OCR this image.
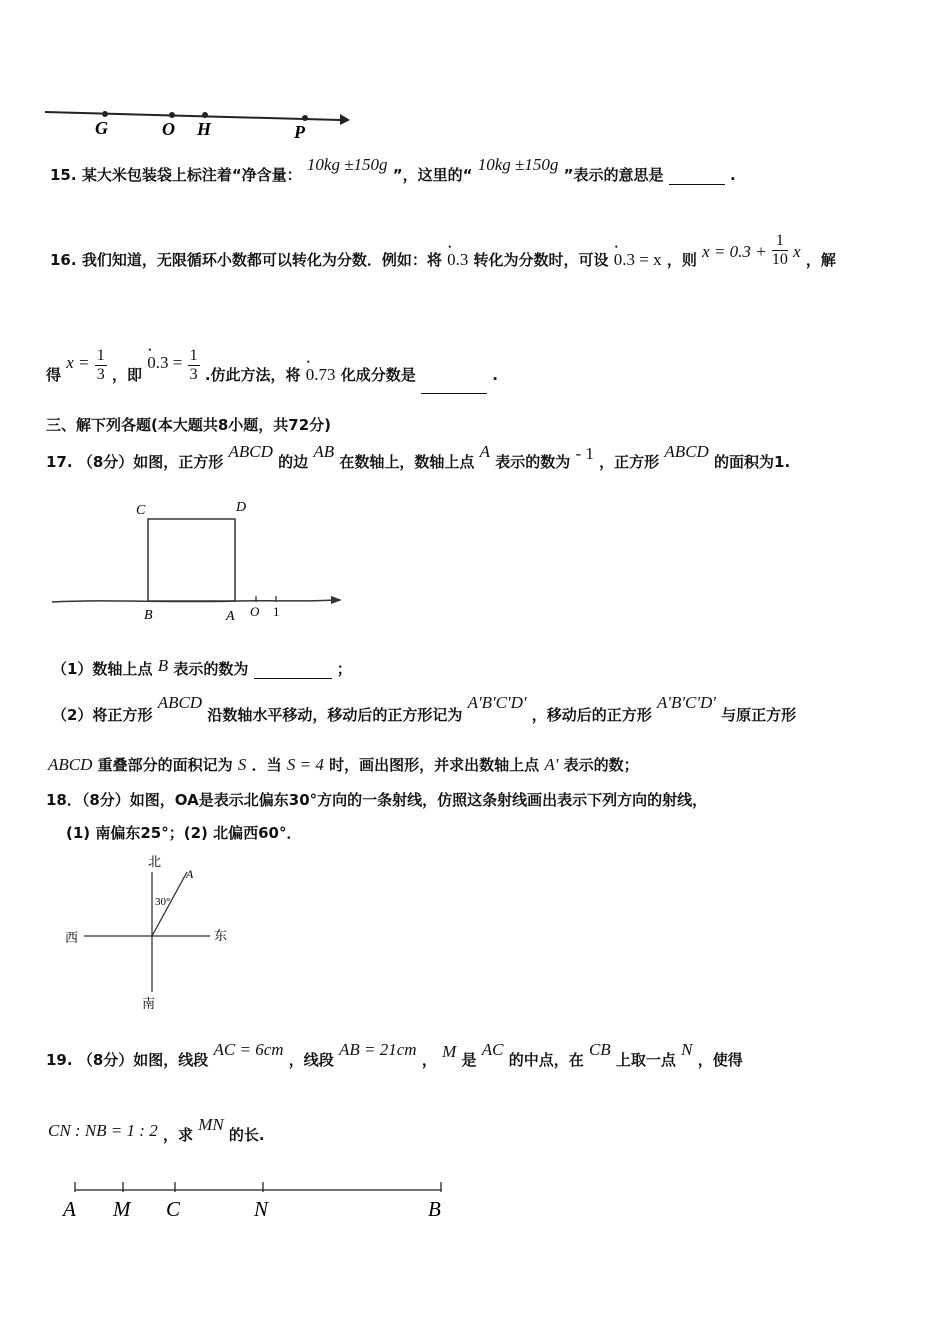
G	O H	P
15. 某大米包装袋上标注着“净含量： 10kg ±150g ”，这里的“ 10kg ±150g ”表示的意思是	.
16. 我们知道，无限循环小数都可以转化为分数．例如：将 • 0.3 转化为分数时，可设 • 0.3 = x ，则 $x = 0.3 + \frac{1}{10}$ x ，解
得 $x = \frac{1}{3}$ ，即 • $0.3 = \frac{1}{3}$ .仿此方法，将 • 0.73 化成分数是	.
三、解下列各题(本大题共8小题，共72分)
17. （8分）如图，正方形 ABCD 的边 AB 在数轴上，数轴上点 A 表示的数为 - 1 ，正方形 ABCD 的面积为1.
C	D
B	A O 1
（1）数轴上点 B 表示的数为	；
（2）将正方形 ABCD 沿数轴水平移动，移动后的正方形记为 A'B'C'D' ，移动后的正方形 A'B'C'D' 与原正方形
ABCD 重叠部分的面积记为 S ．当 S = 4 时，画出图形，并求出数轴上点 A' 表示的数；
18．（8分）如图，OA是表示北偏东30°方向的一条射线，仿照这条射线画出表示下列方向的射线，
(1) 南偏东25°；(2) 北偏西60°．
北
南
西	东
A
30°
19. （8分）如图，线段 AC = 6cm ，线段 AB = 21cm ， M 是 AC 的中点，在 CB 上取一点 N ，使得
CN : NB = 1 : 2 ，求 MN 的长.
A M C	N	B
